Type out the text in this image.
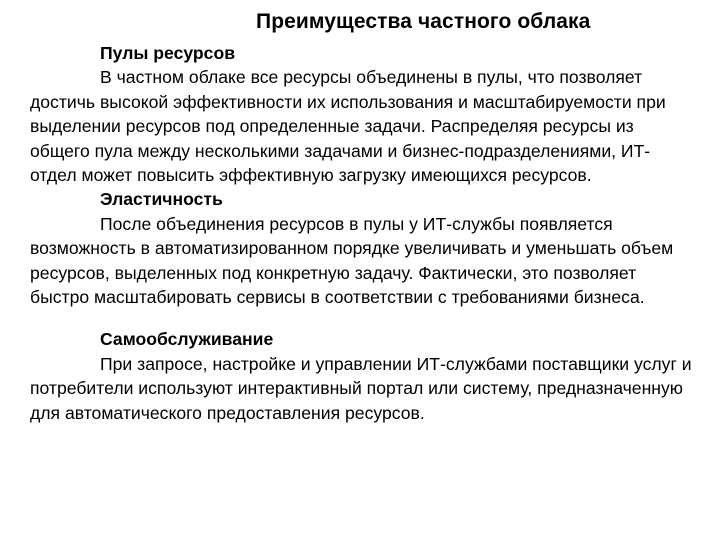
Преимущества частного облака

Пулы ресурсов

В частном облаке все ресурсы объединены в пулы, что позволяет достичь высокой эффективности их использования и масштабируемости при выделении ресурсов под определенные задачи. Распределяя ресурсы из общего пула между несколькими задачами и бизнес-подразделениями, ИТ-отдел может повысить эффективную загрузку имеющихся ресурсов.

Эластичность

После объединения ресурсов в пулы у ИТ-службы появляется возможность в автоматизированном порядке увеличивать и уменьшать объем ресурсов, выделенных под конкретную задачу. Фактически, это позволяет быстро масштабировать сервисы в соответствии с требованиями бизнеса.

Самообслуживание

При запросе, настройке и управлении ИТ-службами поставщики услуг и потребители используют интерактивный портал или систему, предназначенную для автоматического предоставления ресурсов.
